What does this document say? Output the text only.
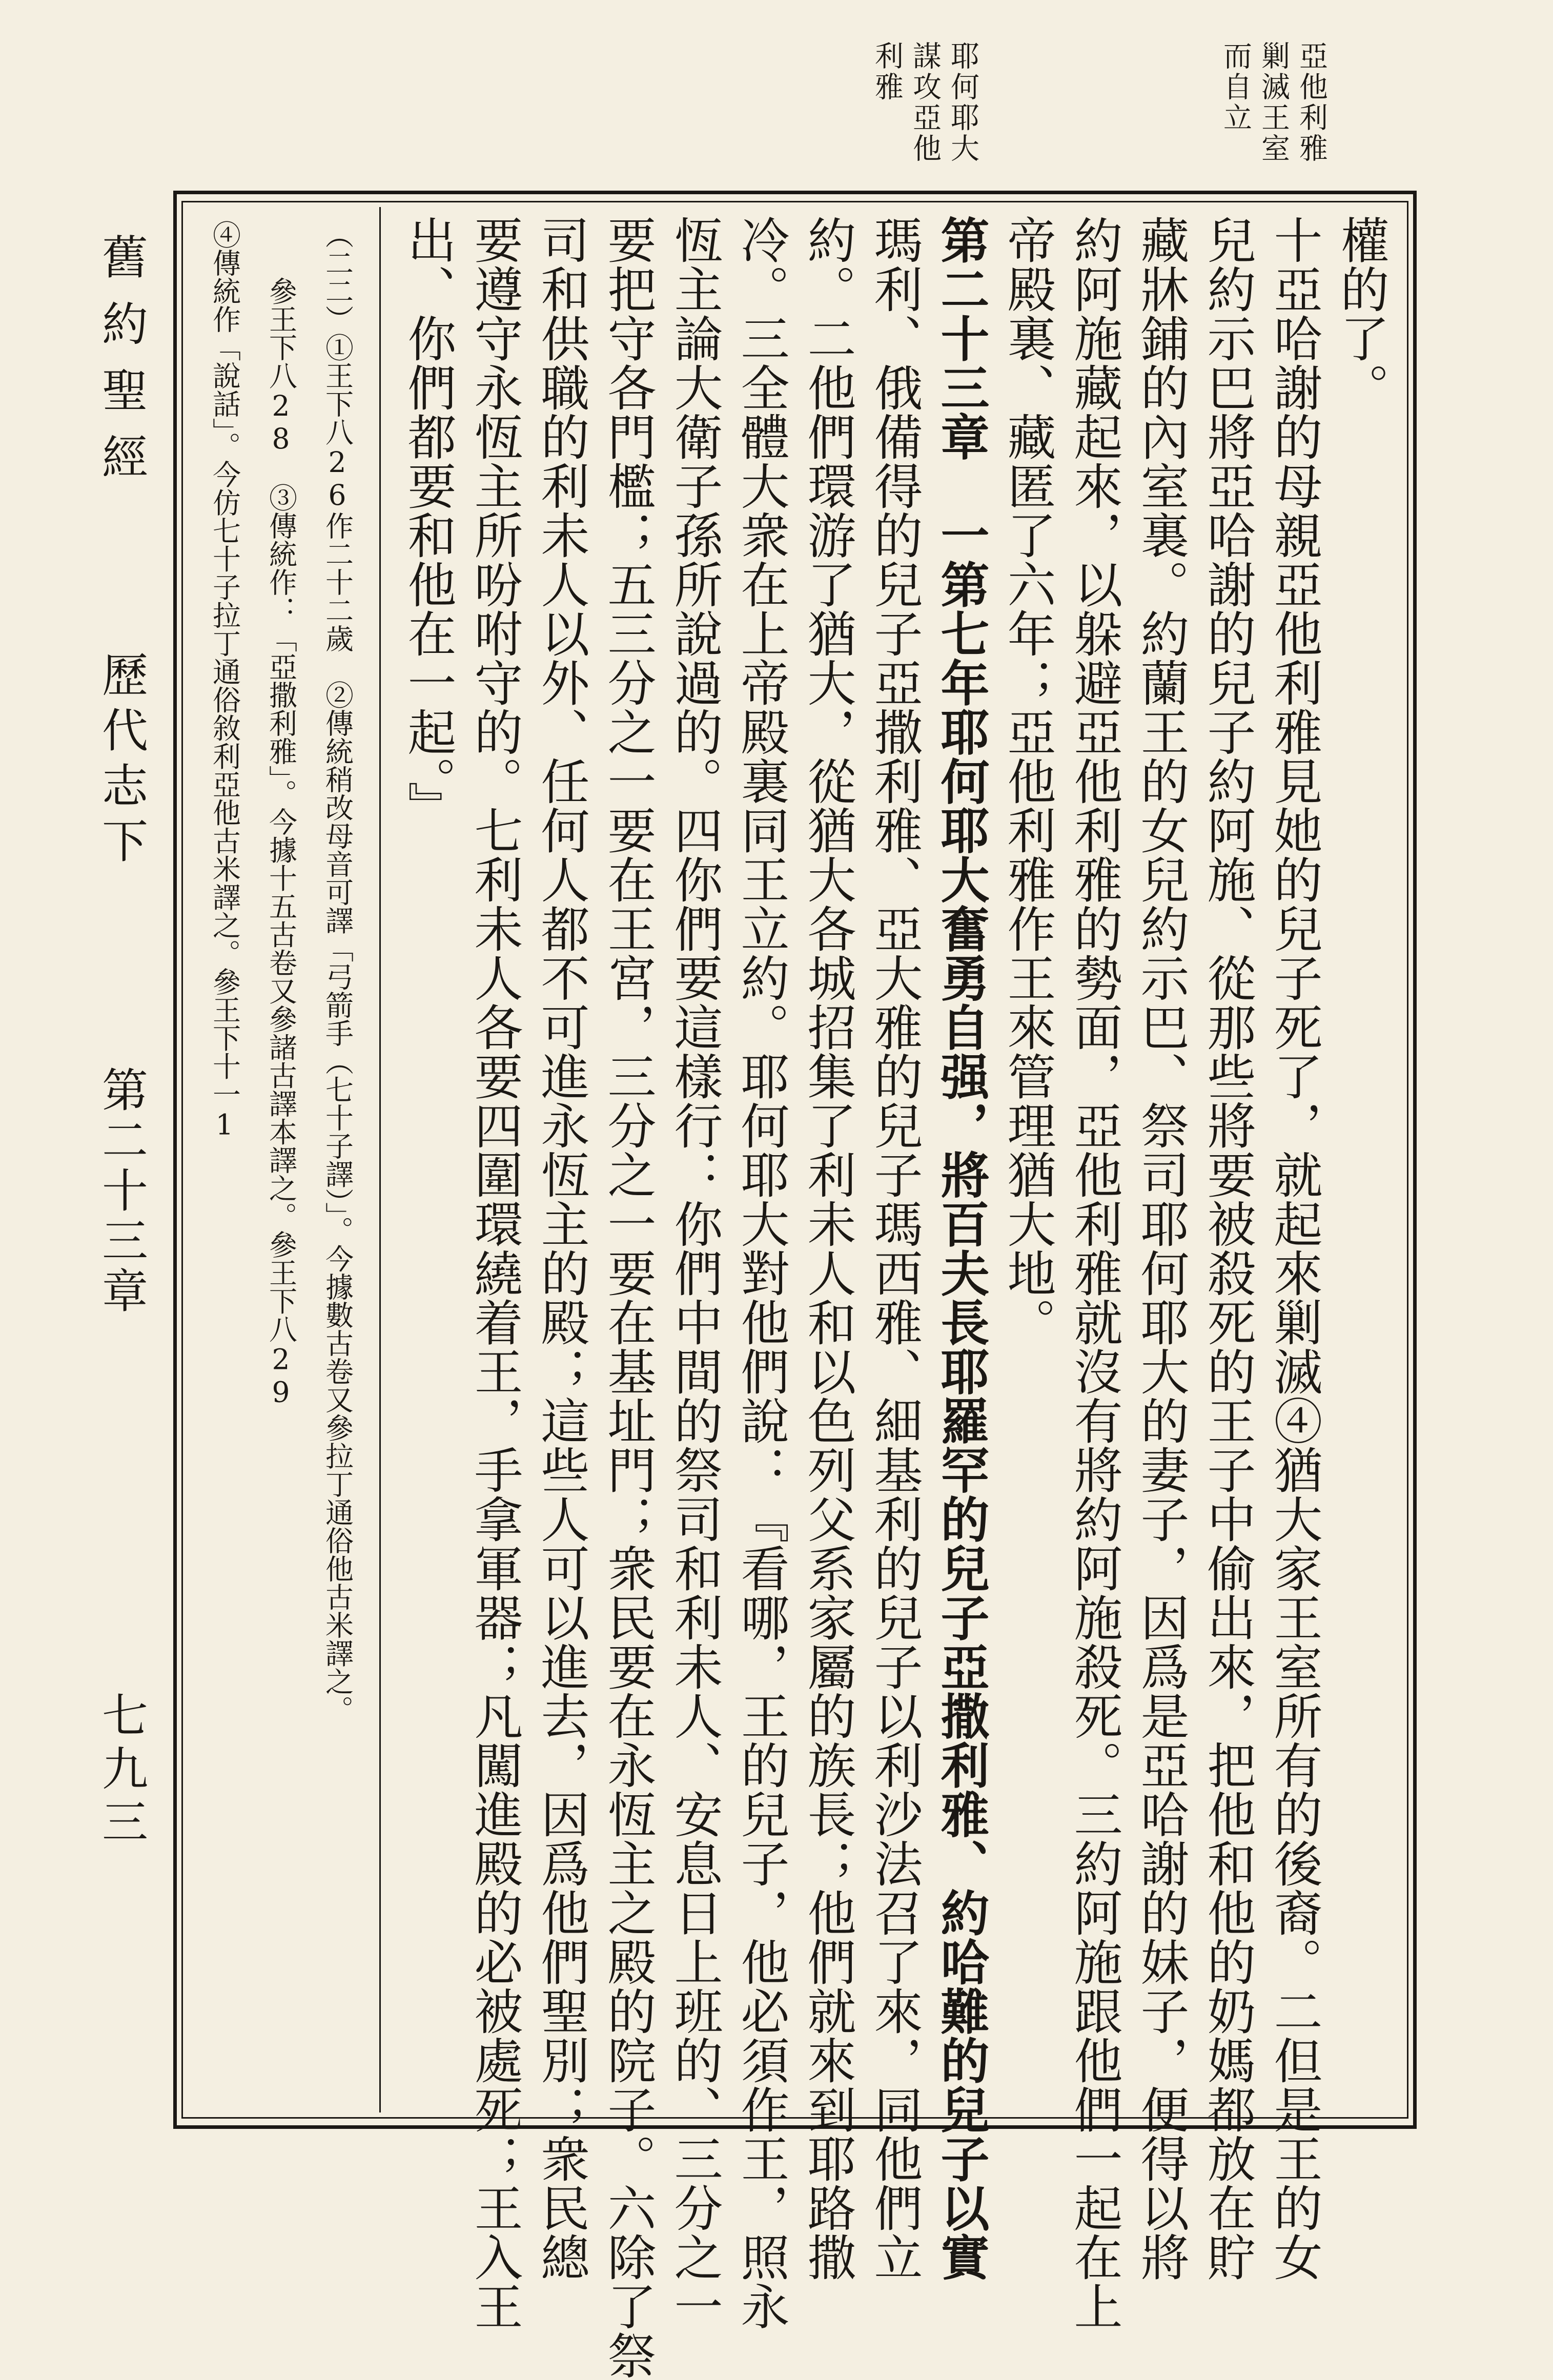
亞他利雅
剿滅王室
而自立
耶何耶大
謀攻亞他
利雅
舊約聖經
歷代志下
第二十三章
七九三
權的了。
十亞哈謝的母親亞他利雅見她的兒子死了，就起來剿滅④猶大家王室所有的後裔。二但是王的女
兒約示巴將亞哈謝的兒子約阿施、從那些將要被殺死的王子中偷出來，把他和他的奶媽都放在貯
藏牀鋪的內室裏。約蘭王的女兒約示巴、祭司耶何耶大的妻子，因爲是亞哈謝的妹子，便得以將
約阿施藏起來，以躲避亞他利雅的勢面，亞他利雅就沒有將約阿施殺死。三約阿施跟他們一起在上
帝殿裏、藏匿了六年；亞他利雅作王來管理猶大地。
第二十三章　一第七年耶何耶大奮勇自强，將百夫長耶羅罕的兒子亞撒利雅、約哈難的兒子以實
瑪利、俄備得的兒子亞撒利雅、亞大雅的兒子瑪西雅、細基利的兒子以利沙法召了來，同他們立
約。二他們環游了猶大，從猶大各城招集了利未人和以色列父系家屬的族長；他們就來到耶路撒
冷。三全體大衆在上帝殿裏同王立約。耶何耶大對他們說：『看哪，王的兒子，他必須作王，照永
恆主論大衛子孫所說過的。四你們要這樣行：你們中間的祭司和利未人、安息日上班的、三分之一
要把守各門檻；五三分之一要在王宮，三分之一要在基址門；衆民要在永恆主之殿的院子。六除了祭
司和供職的利未人以外、任何人都不可進永恆主的殿；這些人可以進去，因爲他們聖別；衆民總
要遵守永恆主所吩咐守的。七利未人各要四圍環繞着王，手拿軍器；凡闖進殿的必被處死；王入王
出、你們都要和他在一起。』
（二二）①王下八26作二十二歲　②傳統稍改母音可譯「弓箭手（七十子譯）」。今據數古卷又參拉丁通俗他古米譯之。
參王下八28　③傳統作：「亞撒利雅」。今據十五古卷又參諸古譯本譯之。參王下八29
④傳統作「說話」。今仿七十子拉丁通俗敘利亞他古米譯之。參王下十一1
